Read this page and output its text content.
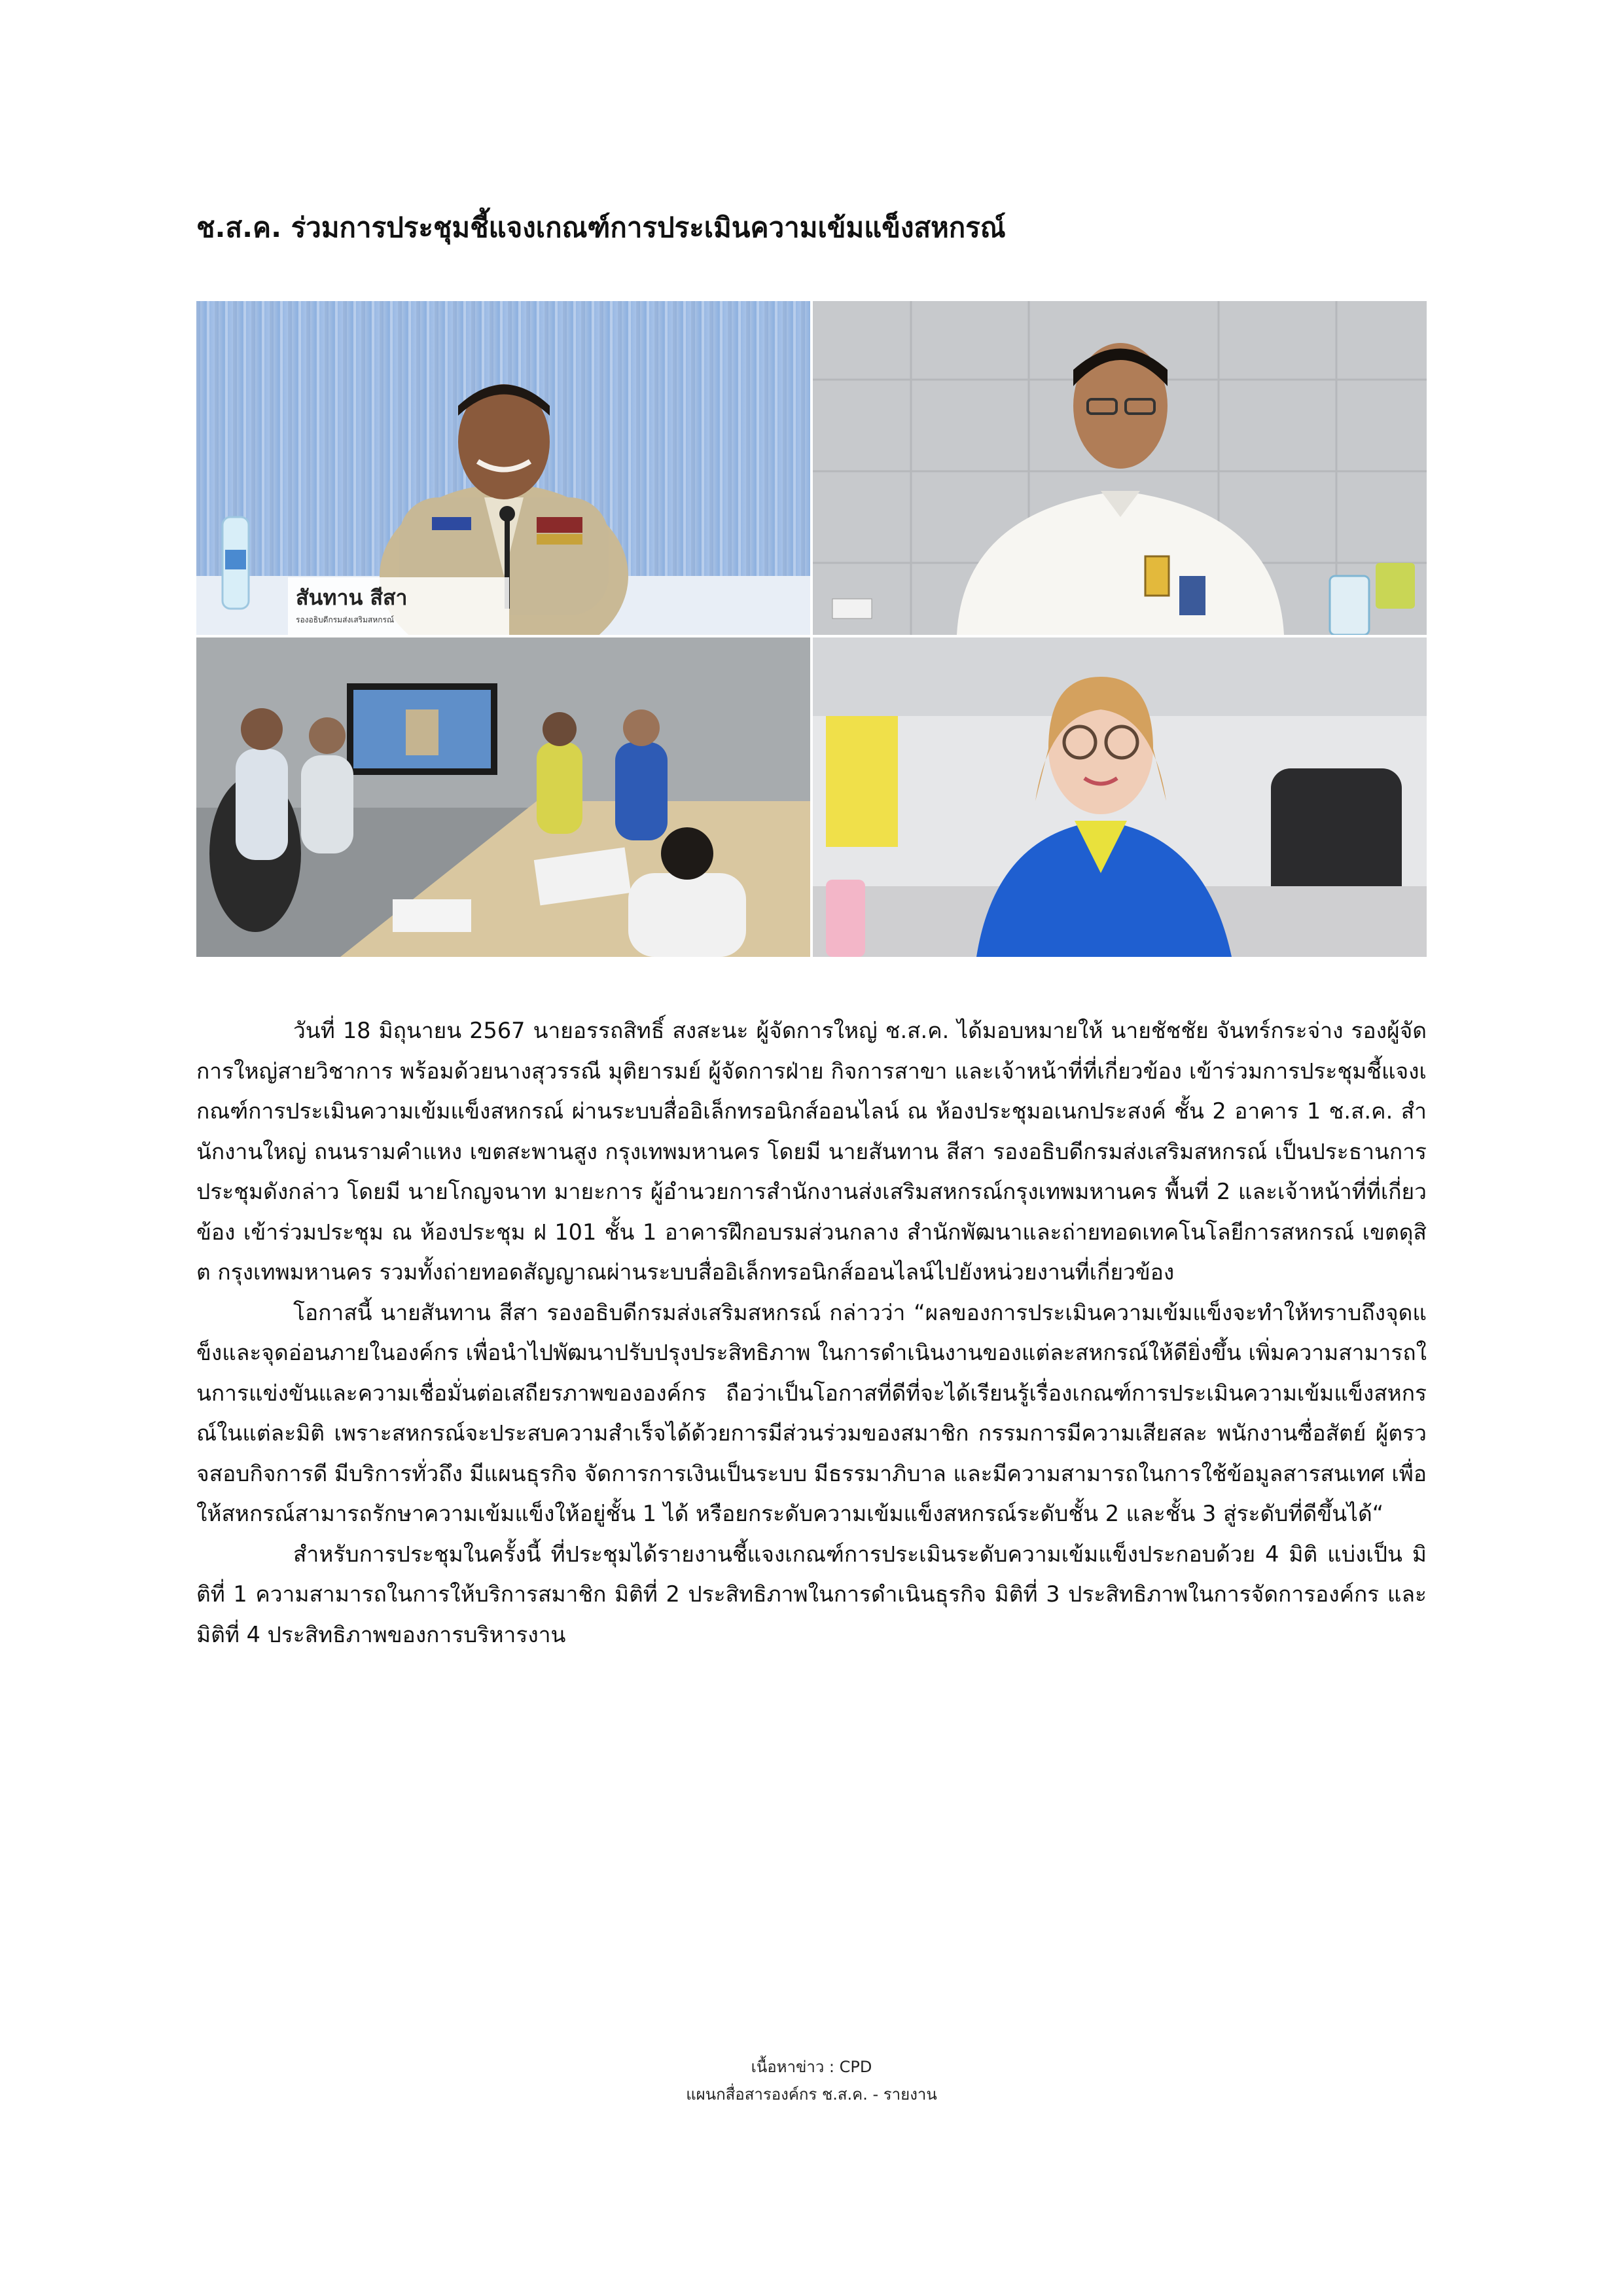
ช.ส.ค. ร่วมการประชุมชี้แจงเกณฑ์การประเมินความเข้มแข็งสหกรณ์
สันทาน สีสา
รองอธิบดีกรมส่งเสริมสหกรณ์

วันที่ 18 มิถุนายน 2567 นายอรรถสิทธิ์ สงสะนะ ผู้จัดการใหญ่ ช.ส.ค. ได้มอบหมายให้ นายชัชชัย จันทร์กระจ่าง รองผู้จัดการใหญ่สายวิชาการ พร้อมด้วยนางสุวรรณี มุติยารมย์ ผู้จัดการฝ่าย กิจการสาขา และเจ้าหน้าที่ที่เกี่ยวข้อง เข้าร่วมการประชุมชี้แจงเกณฑ์การประเมินความเข้มแข็งสหกรณ์ ผ่านระบบสื่ออิเล็กทรอนิกส์ออนไลน์ ณ ห้องประชุมอเนกประสงค์ ชั้น 2 อาคาร 1 ช.ส.ค. สำนักงานใหญ่ ถนนรามคำแหง เขตสะพานสูง กรุงเทพมหานคร โดยมี นายสันทาน สีสา รองอธิบดีกรมส่งเสริมสหกรณ์ เป็นประธานการประชุมดังกล่าว โดยมี นายโกญจนาท มายะการ ผู้อำนวยการสำนักงานส่งเสริมสหกรณ์กรุงเทพมหานคร พื้นที่ 2 และเจ้าหน้าที่ที่เกี่ยวข้อง เข้าร่วมประชุม ณ ห้องประชุม ฝ 101 ชั้น 1 อาคารฝึกอบรมส่วนกลาง สำนักพัฒนาและถ่ายทอดเทคโนโลยีการสหกรณ์ เขตดุสิต กรุงเทพมหานคร รวมทั้งถ่ายทอดสัญญาณผ่านระบบสื่ออิเล็กทรอนิกส์ออนไลน์ไปยังหน่วยงานที่เกี่ยวข้อง

โอกาสนี้ นายสันทาน สีสา รองอธิบดีกรมส่งเสริมสหกรณ์ กล่าวว่า “ผลของการประเมินความเข้มแข็งจะทำให้ทราบถึงจุดแข็งและจุดอ่อนภายในองค์กร เพื่อนำไปพัฒนาปรับปรุงประสิทธิภาพ ในการดำเนินงานของแต่ละสหกรณ์ให้ดียิ่งขึ้น เพิ่มความสามารถในการแข่งขันและความเชื่อมั่นต่อเสถียรภาพขององค์กร ถือว่าเป็นโอกาสที่ดีที่จะได้เรียนรู้เรื่องเกณฑ์การประเมินความเข้มแข็งสหกรณ์ในแต่ละมิติ เพราะสหกรณ์จะประสบความสำเร็จได้ด้วยการมีส่วนร่วมของสมาชิก กรรมการมีความเสียสละ พนักงานซื่อสัตย์ ผู้ตรวจสอบกิจการดี มีบริการทั่วถึง มีแผนธุรกิจ จัดการการเงินเป็นระบบ มีธรรมาภิบาล และมีความสามารถในการใช้ข้อมูลสารสนเทศ เพื่อให้สหกรณ์สามารถรักษาความเข้มแข็งให้อยู่ชั้น 1 ได้ หรือยกระดับความเข้มแข็งสหกรณ์ระดับชั้น 2 และชั้น 3 สู่ระดับที่ดีขึ้นได้“

สำหรับการประชุมในครั้งนี้ ที่ประชุมได้รายงานชี้แจงเกณฑ์การประเมินระดับความเข้มแข็งประกอบด้วย 4 มิติ แบ่งเป็น มิติที่ 1 ความสามารถในการให้บริการสมาชิก มิติที่ 2 ประสิทธิภาพในการดำเนินธุรกิจ มิติที่ 3 ประสิทธิภาพในการจัดการองค์กร และมิติที่ 4 ประสิทธิภาพของการบริหารงาน

เนื้อหาข่าว : CPD
แผนกสื่อสารองค์กร ช.ส.ค. - รายงาน
